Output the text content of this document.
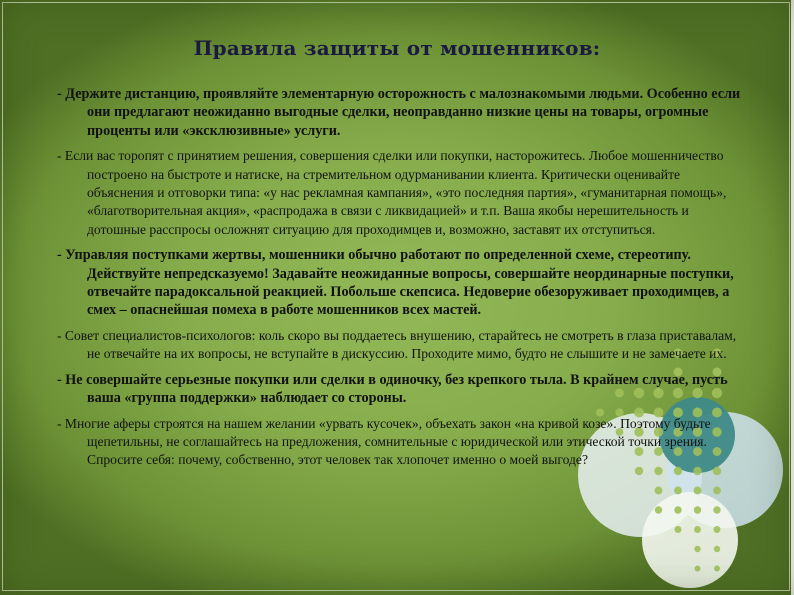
Правила защиты от мошенников:

- Держите дистанцию, проявляйте элементарную осторожность с малознакомыми людьми. Особенно если они предлагают неожиданно выгодные сделки, неоправданно низкие цены на товары, огромные проценты или «эксклюзивные» услуги.

- Если вас торопят с принятием решения, совершения сделки или покупки, насторожитесь. Любое мошенничество построено на быстроте и натиске, на стремительном одурманивании клиента. Критически оценивайте объяснения и отговорки типа: «у нас рекламная кампания», «это последняя партия», «гуманитарная помощь», «благотворительная акция», «распродажа в связи с ликвидацией» и т.п. Ваша якобы нерешительность и дотошные расспросы осложнят ситуацию для проходимцев и, возможно, заставят их отступиться.

- Управляя поступками жертвы, мошенники обычно работают по определенной схеме, стереотипу. Действуйте непредсказуемо! Задавайте неожиданные вопросы, совершайте неординарные поступки, отвечайте парадоксальной реакцией. Побольше скепсиса. Недоверие обезоруживает проходимцев, а смех – опаснейшая помеха в работе мошенников всех мастей.

- Совет специалистов-психологов: коль скоро вы поддаетесь внушению, старайтесь не смотреть в глаза приставалам, не отвечайте на их вопросы, не вступайте в дискуссию. Проходите мимо, будто не слышите и не замечаете их.

- Не совершайте серьезные покупки или сделки в одиночку, без крепкого тыла. В крайнем случае, пусть ваша «группа поддержки» наблюдает со стороны.

- Многие аферы строятся на нашем желании «урвать кусочек», объехать закон «на кривой козе». Поэтому будьте щепетильны, не соглашайтесь на предложения, сомнительные с юридической или этической точки зрения. Спросите себя: почему, собственно, этот человек так хлопочет именно о моей выгоде?
